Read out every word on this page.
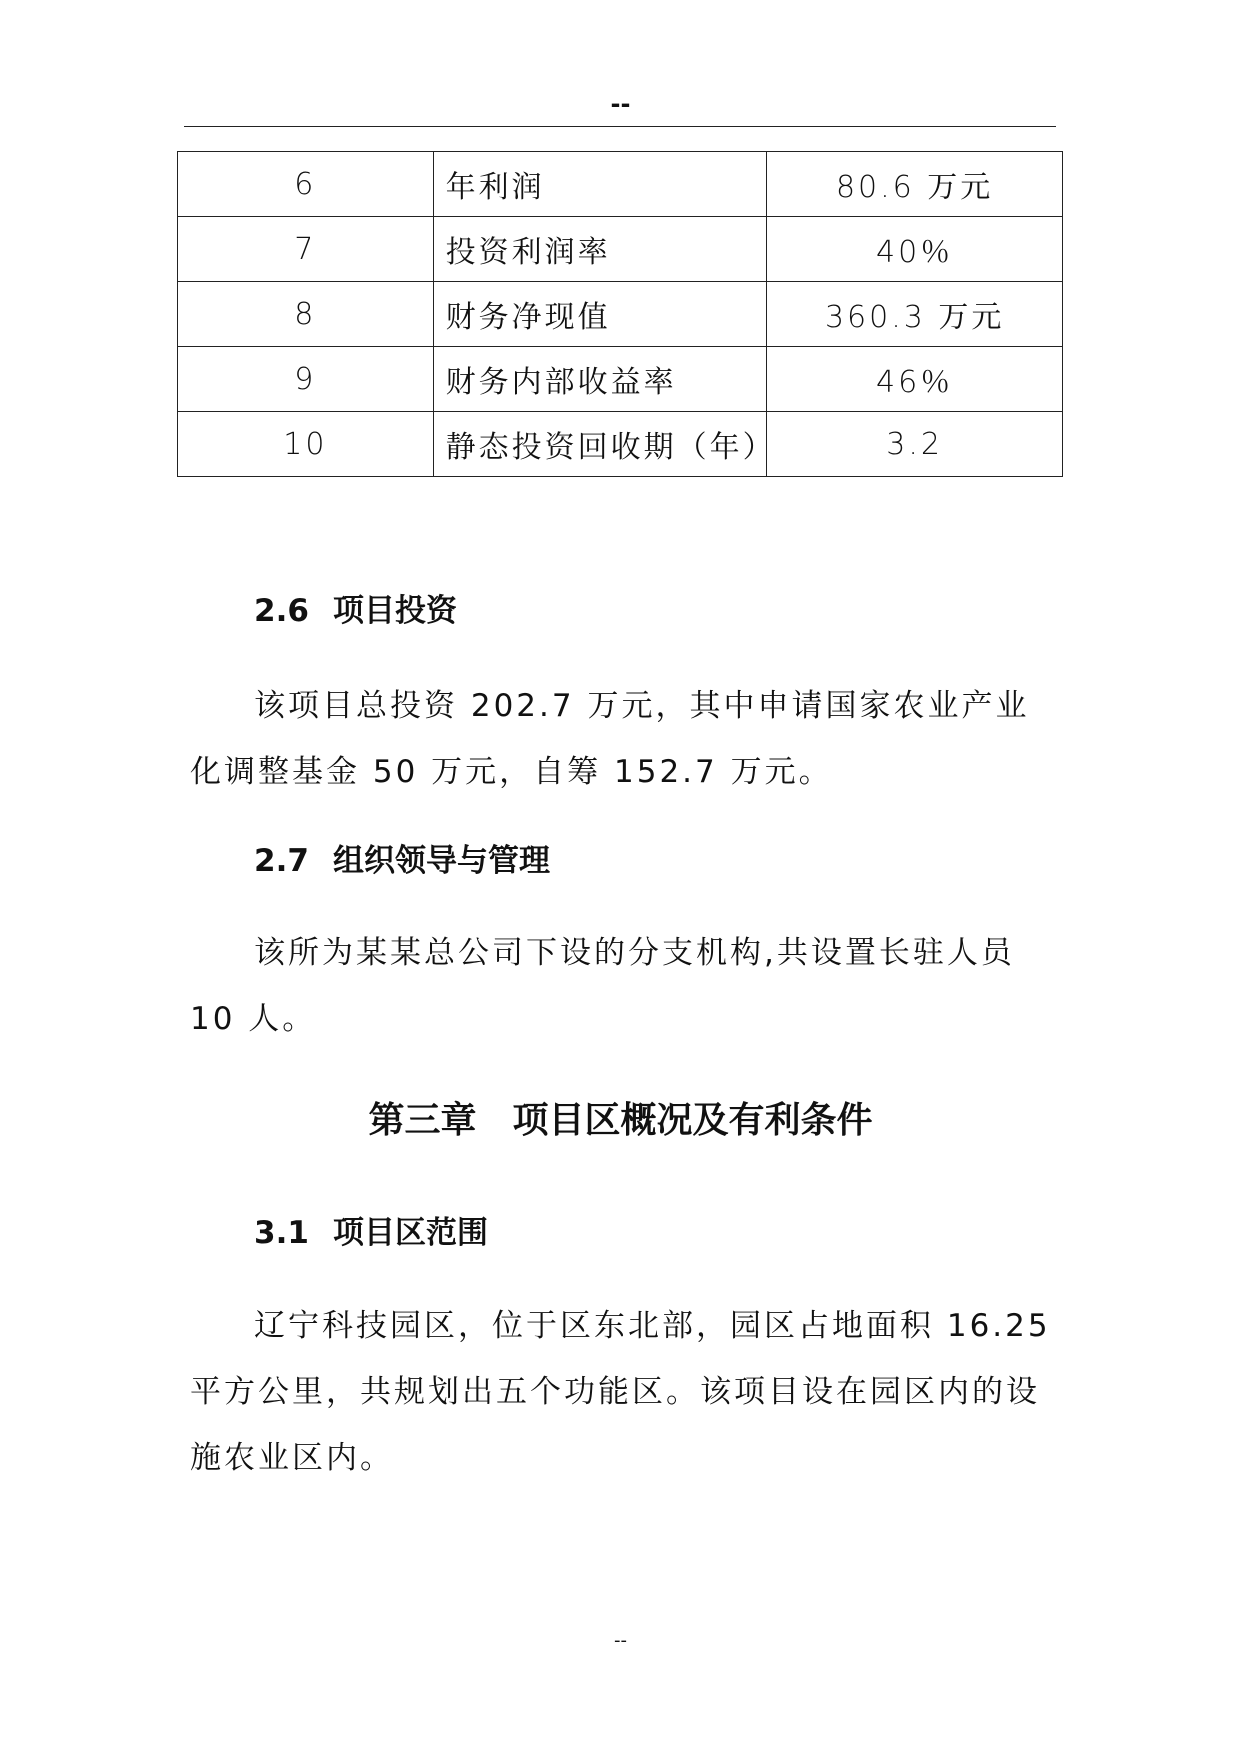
--
6	年利润	80.6 万元
7	投资利润率	40％
8	财务净现值	360.3 万元
9	财务内部收益率	46％
10	静态投资回收期（年）	3.2
2.6 项目投资

该项目总投资 202.7 万元，其中申请国家农业产业化调整基金 50 万元，自筹 152.7 万元。

2.7 组织领导与管理

该所为某某总公司下设的分支机构,共设置长驻人员 10 人。

第三章　项目区概况及有利条件
3.1 项目区范围

辽宁科技园区，位于区东北部，园区占地面积 16.25 平方公里，共规划出五个功能区。该项目设在园区内的设施农业区内。

--
